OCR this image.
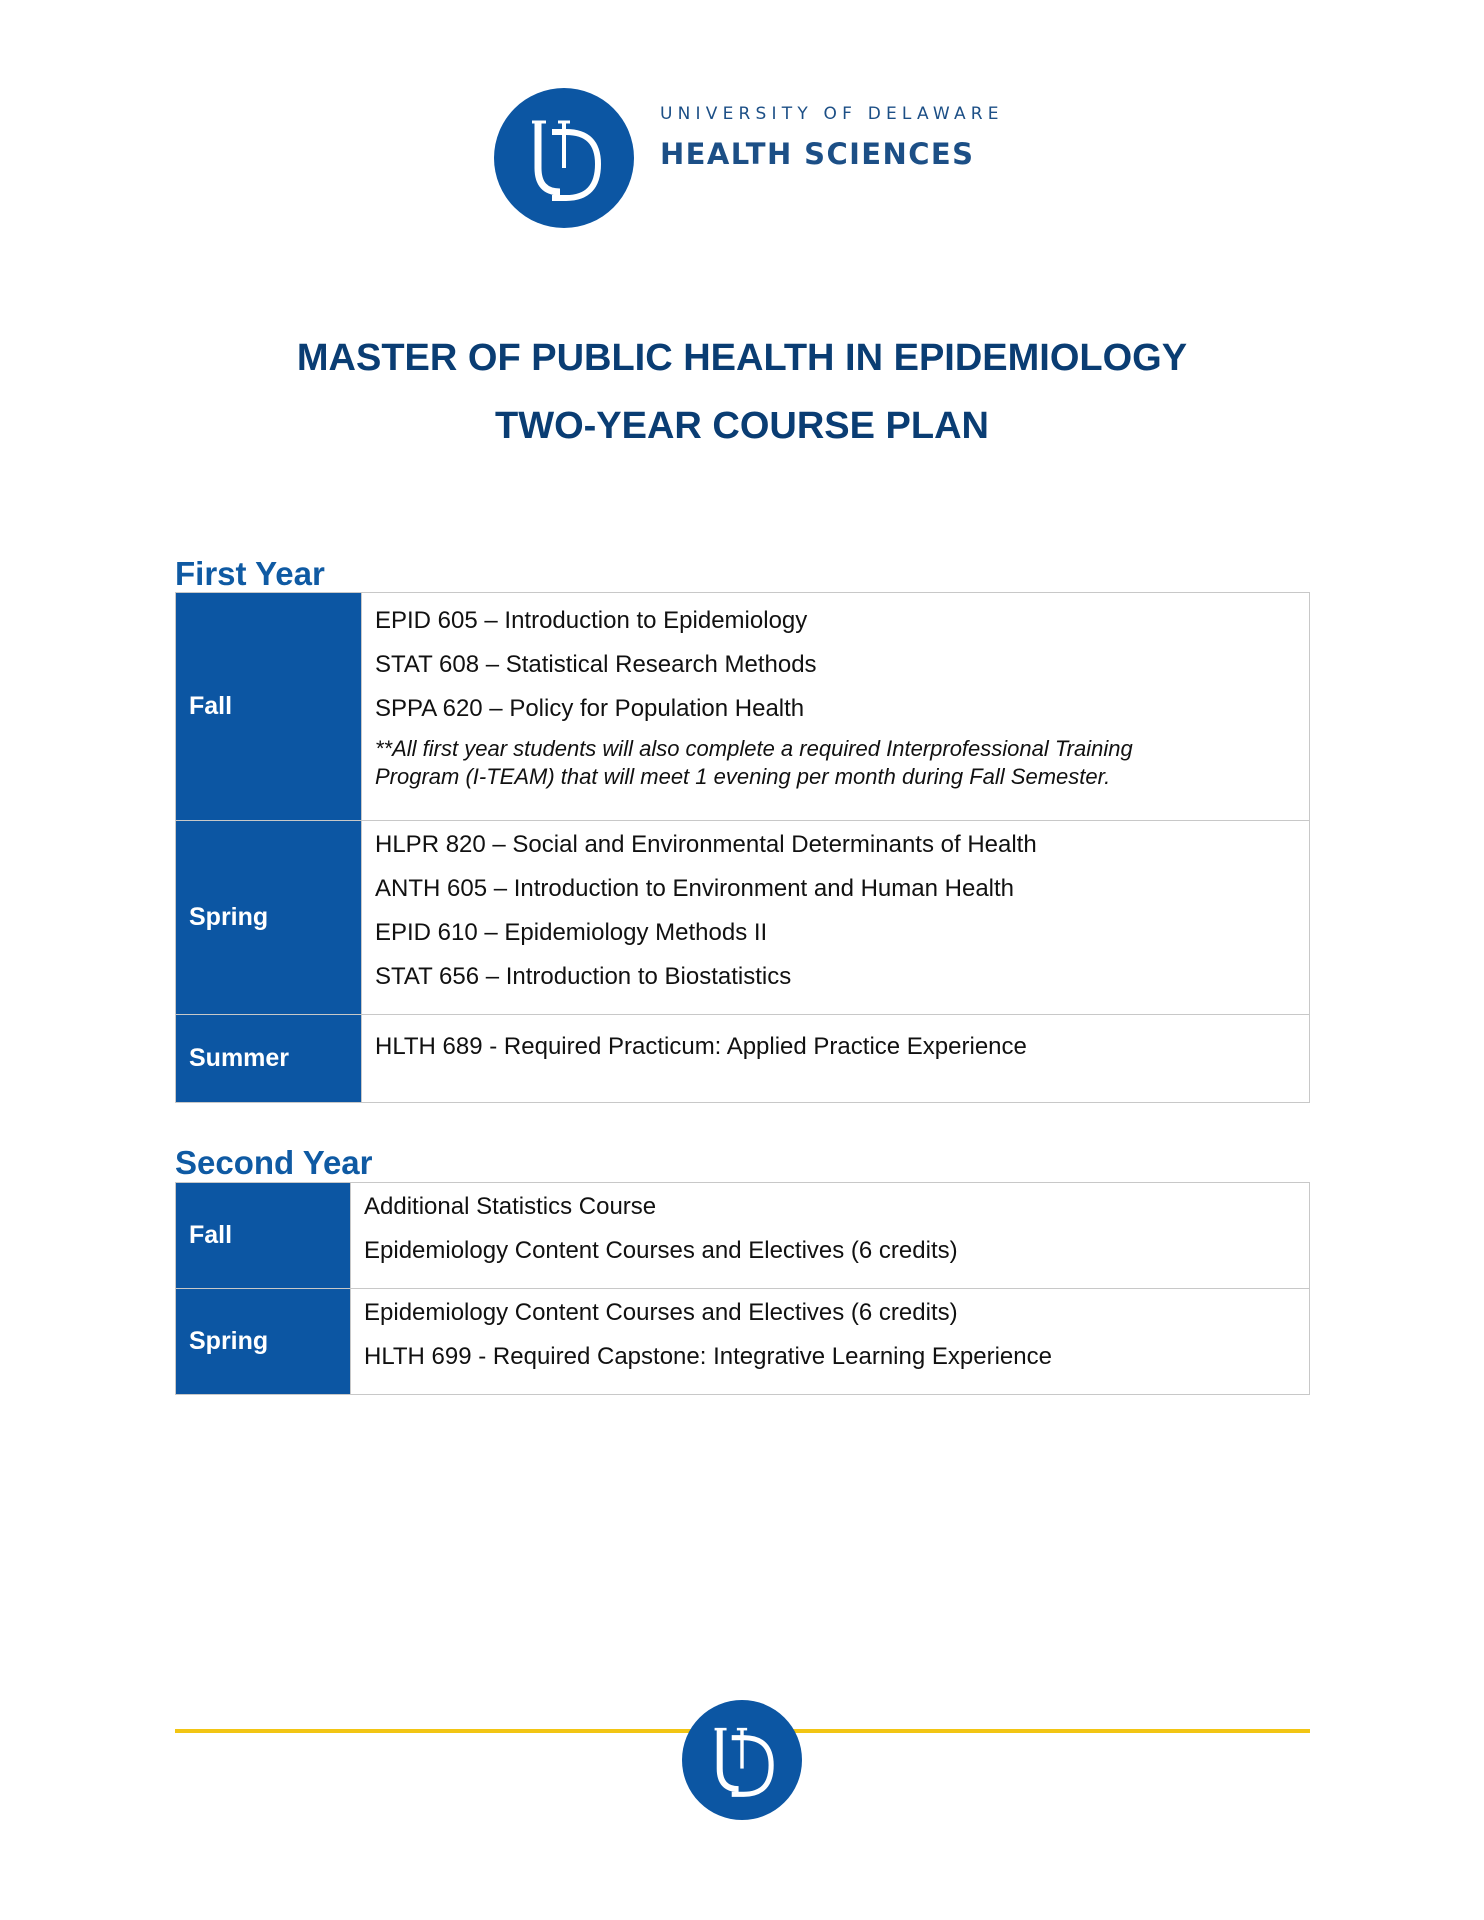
UNIVERSITY OF DELAWARE
HEALTH SCIENCES
MASTER OF PUBLIC HEALTH IN EPIDEMIOLOGY
TWO-YEAR COURSE PLAN
First Year
Fall	EPID 605 – Introduction to Epidemiology
STAT 608 – Statistical Research Methods
SPPA 620 – Policy for Population Health
**All first year students will also complete a required Interprofessional Training
Program (I-TEAM) that will meet 1 evening per month during Fall Semester.

Spring	HLPR 820 – Social and Environmental Determinants of Health
ANTH 605 – Introduction to Environment and Human Health
EPID 610 – Epidemiology Methods II
STAT 656 – Introduction to Biostatistics

Summer	HLTH 689 - Required Practicum: Applied Practice Experience
Second Year
Fall	Additional Statistics Course
Epidemiology Content Courses and Electives (6 credits)

Spring	Epidemiology Content Courses and Electives (6 credits)
HLTH 699 - Required Capstone: Integrative Learning Experience
